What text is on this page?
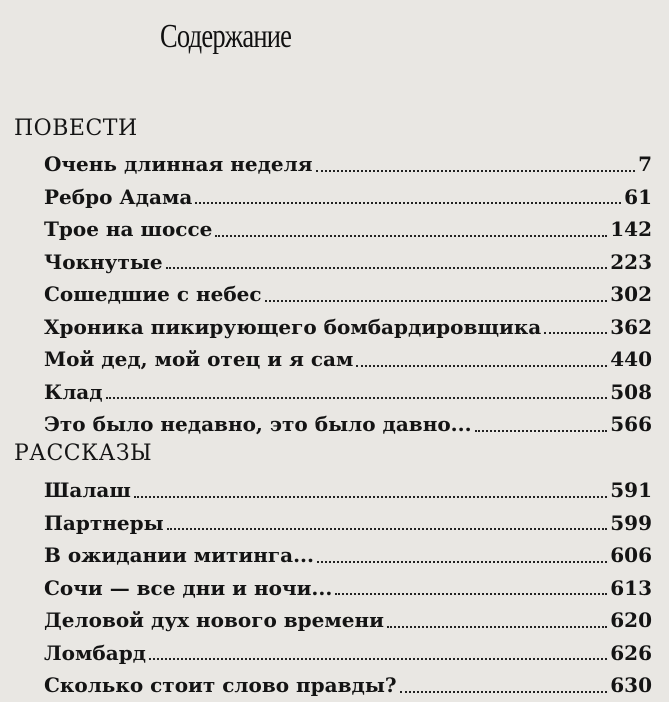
Содержание
ПОВЕСТИ
Очень длинная неделя	7
Ребро Адама	61
Трое на шоссе	142
Чокнутые	223
Сошедшие с небес	302
Хроника пикирующего бомбардировщика	362
Мой дед, мой отец и я сам	440
Клад	508
Это было недавно, это было давно...	566
РАССКАЗЫ
Шалаш	591
Партнеры	599
В ожидании митинга...	606
Сочи — все дни и ночи...	613
Деловой дух нового времени	620
Ломбард	626
Сколько стоит слово правды?	630
